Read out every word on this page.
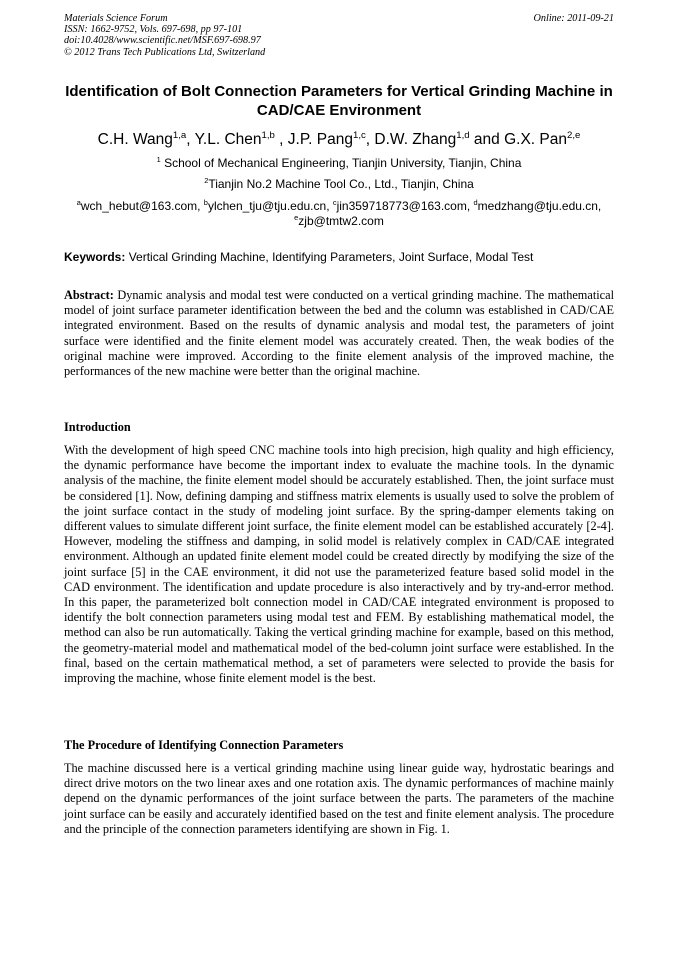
Materials Science Forum
ISSN: 1662-9752, Vols. 697-698, pp 97-101
doi:10.4028/www.scientific.net/MSF.697-698.97
© 2012 Trans Tech Publications Ltd, Switzerland
Online: 2011-09-21
Identification of Bolt Connection Parameters for Vertical Grinding Machine in CAD/CAE Environment
C.H. Wang$^{1,a}$, Y.L. Chen$^{1,b}$ , J.P. Pang$^{1,c}$, D.W. Zhang$^{1,d}$ and G.X. Pan$^{2,e}$
$^1$ School of Mechanical Engineering, Tianjin University, Tianjin, China
$^2$Tianjin No.2 Machine Tool Co., Ltd., Tianjin, China
$^a$wch_hebut@163.com, $^b$ylchen_tju@tju.edu.cn, $^c$jin359718773@163.com, $^d$medzhang@tju.edu.cn, $^e$zjb@tmtw2.com
Keywords: Vertical Grinding Machine, Identifying Parameters, Joint Surface, Modal Test
Abstract: Dynamic analysis and modal test were conducted on a vertical grinding machine. The mathematical model of joint surface parameter identification between the bed and the column was established in CAD/CAE integrated environment. Based on the results of dynamic analysis and modal test, the parameters of joint surface were identified and the finite element model was accurately created. Then, the weak bodies of the original machine were improved. According to the finite element analysis of the improved machine, the performances of the new machine were better than the original machine.
Introduction
With the development of high speed CNC machine tools into high precision, high quality and high efficiency, the dynamic performance have become the important index to evaluate the machine tools. In the dynamic analysis of the machine, the finite element model should be accurately established. Then, the joint surface must be considered [1]. Now, defining damping and stiffness matrix elements is usually used to solve the problem of the joint surface contact in the study of modeling joint surface. By the spring-damper elements taking on different values to simulate different joint surface, the finite element model can be established accurately [2-4]. However, modeling the stiffness and damping, in solid model is relatively complex in CAD/CAE integrated environment. Although an updated finite element model could be created directly by modifying the size of the joint surface [5] in the CAE environment, it did not use the parameterized feature based solid model in the CAD environment. The identification and update procedure is also interactively and by try-and-error method. In this paper, the parameterized bolt connection model in CAD/CAE integrated environment is proposed to identify the bolt connection parameters using modal test and FEM. By establishing mathematical model, the method can also be run automatically. Taking the vertical grinding machine for example, based on this method, the geometry-material model and mathematical model of the bed-column joint surface were established. In the final, based on the certain mathematical method, a set of parameters were selected to provide the basis for improving the machine, whose finite element model is the best.
The Procedure of Identifying Connection Parameters
The machine discussed here is a vertical grinding machine using linear guide way, hydrostatic bearings and direct drive motors on the two linear axes and one rotation axis. The dynamic performances of machine mainly depend on the dynamic performances of the joint surface between the parts. The parameters of the machine joint surface can be easily and accurately identified based on the test and finite element analysis. The procedure and the principle of the connection parameters identifying are shown in Fig. 1.
